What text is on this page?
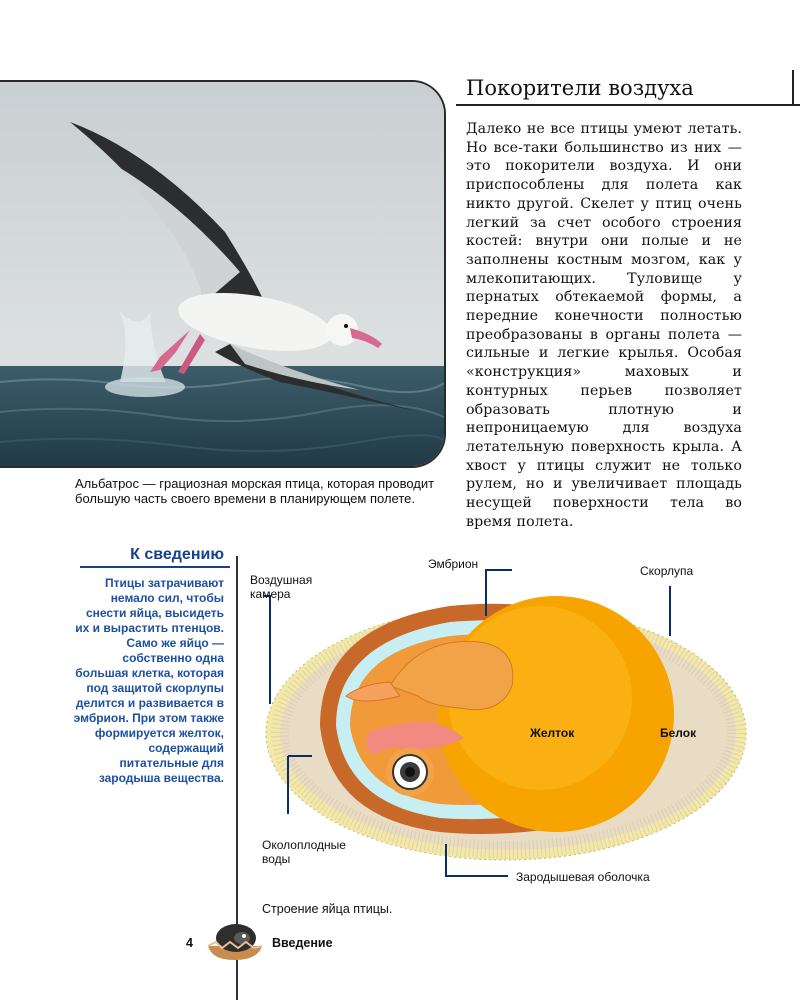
Альбатрос — грациозная морская птица, которая проводит большую часть своего времени в планирующем полете.
Покорители воздуха
Далеко не все птицы умеют летать. Но все-таки большинство из них — это покорители воздуха. И они приспособлены для полета как никто другой. Скелет у птиц очень легкий за счет особого строения костей: внутри они полые и не заполнены костным мозгом, как у млекопитающих. Туловище у пернатых обтекаемой формы, а передние конечности полностью преобразованы в органы полета — сильные и легкие крылья. Особая «конструкция» маховых и контурных перьев позволяет образовать плотную и непроницаемую для воздуха летательную поверхность крыла. А хвост у птицы служит не только рулем, но и увеличивает площадь несущей поверхности тела во время полета.
К сведению
Птицы затрачивают немало сил, чтобы снести яйца, высидеть их и вырастить птенцов. Само же яйцо — собственно одна большая клетка, которая под защитой скорлупы делится и развивается в эмбрион. При этом также формируется желток, содержащий питательные для зародыша вещества.
Эмбрион
Воздушная
камера
Скорлупа
Желток	Белок
Околоплодные
воды
Зародышевая оболочка
Строение яйца птицы.
4	Введение
